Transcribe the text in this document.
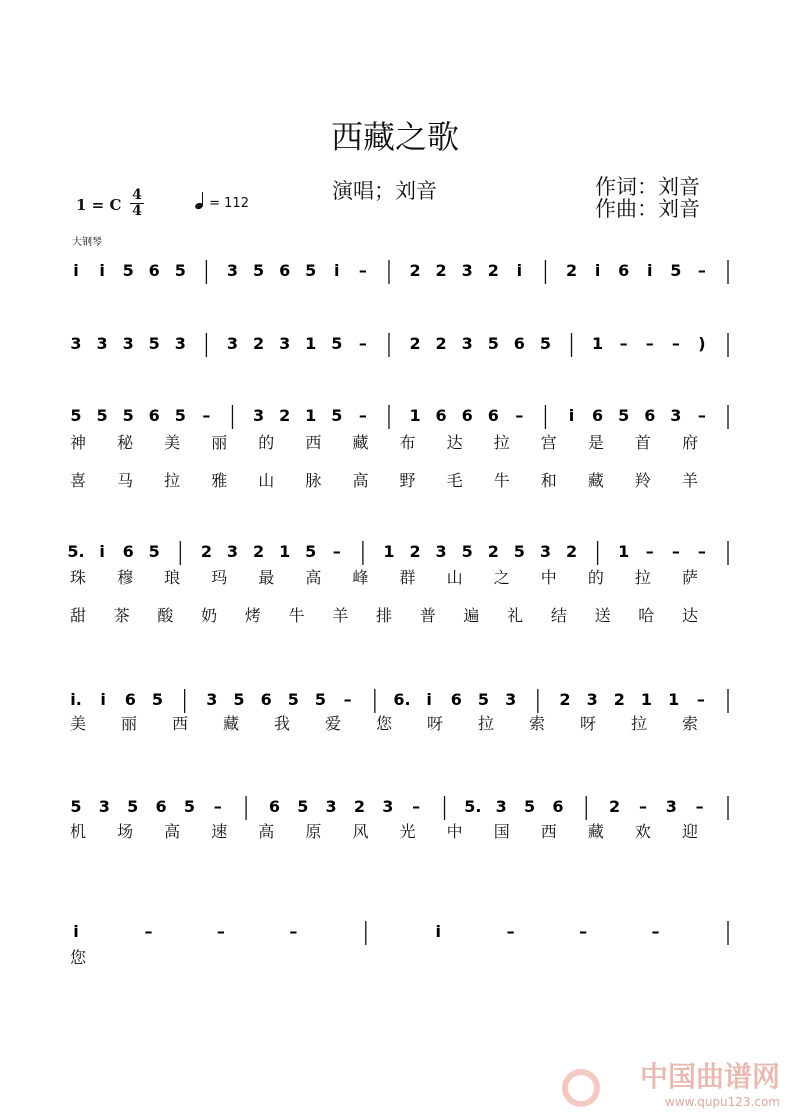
西藏之歌
演唱；刘音	作词：刘音
作曲：刘音
1 = C
4
4	= 112
大钢琴
i i 5 6 5	3 5 6 5 i –	2 2 3 2 i	2 i 6 i 5 –
3 3 3 5 3	3 2 3 1 5 –	2 2 3 5 6 5	1 – – – )
5 5 5 6 5 –	3 2 1 5 –	1 6 6 6 –	i 6 5 6 3 –
5. i 6 5	2 3 2 1 5 –	1 2 3 5 2 5 3 2	1 – – –
i. i 6 5	3 5 6 5 5 –	6. i 6 5 3	2 3 2 1 1 –
5 3 5 6 5 –	6 5 3 2 3 –	5. 3 5 6	2 – 3 –
i	–	–	–	i	–	–	–
神 秘 美 丽 的 西 藏 布 达 拉 宫 是 首 府
喜 马 拉 雅 山 脉 高 野 毛 牛 和 藏 羚 羊
珠 穆 琅 玛 最 高 峰 群 山 之 中 的 拉 萨
甜 茶 酸 奶 烤 牛 羊 排 普 遍 礼 结 送 哈 达
美 丽 西 藏 我 爱 您 呀 拉 索 呀 拉 索
机 场 高 速 高 原 风 光 中 国 西 藏 欢 迎
您
中国曲谱网
www.qupu123.com
